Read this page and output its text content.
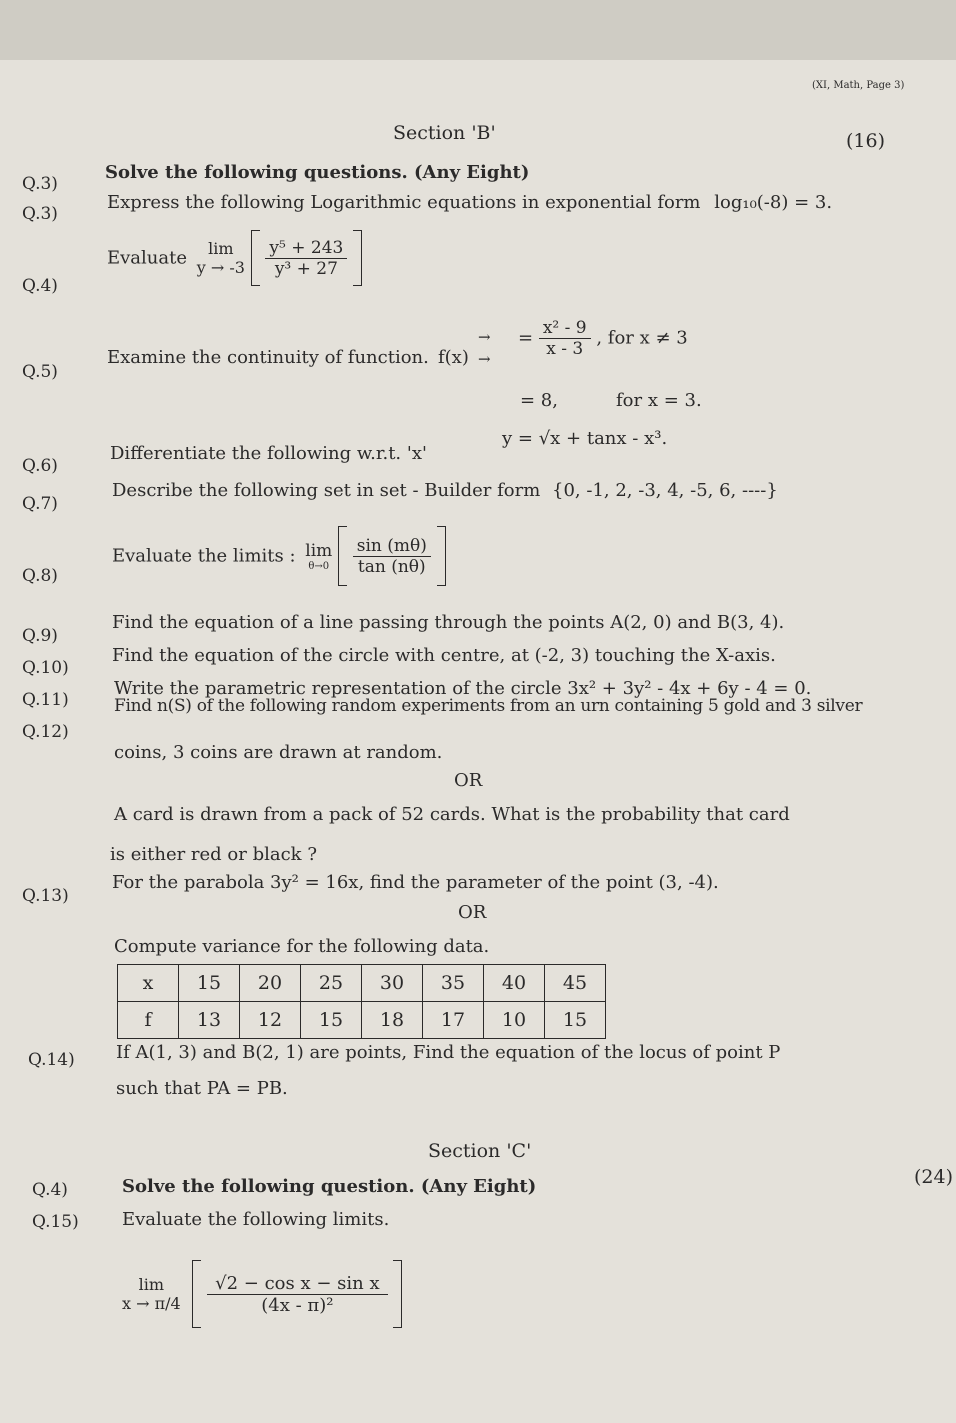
(XI, Math, Page 3)
Section 'B'	(16)
Q.3)
Solve the following questions. (Any Eight)
Q.3)
Express the following Logarithmic equations in exponential form log₁₀(-8) = 3.
Q.4)
Evaluate	lim
y → -3
$\frac{\text{y⁵ + 243}}{\text{y³ + 27}}$

Q.5)
Examine the continuity of function. f(x)
→
→
= $\frac{\text{x² - 9}}{x - 3}$ , for x ≠ 3
= 8,	for x = 3.
Q.6)
Differentiate the following w.r.t. 'x'
y = √x + tanx - x³.
Q.7)
Describe the following set in set - Builder form {0, -1, 2, -3, 4, -5, 6, ----}
Q.8)
Evaluate the limits : lim
θ→0
$\frac{\sin (m\theta)}{\tan (n\theta)}$

Q.9)
Find the equation of a line passing through the points A(2, 0) and B(3, 4).
Q.10)
Find the equation of the circle with centre, at (-2, 3) touching the X-axis.
Q.11)
Write the parametric representation of the circle 3x² + 3y² - 4x + 6y - 4 = 0.
Q.12)
Find n(S) of the following random experiments from an urn containing 5 gold and 3 silver
coins, 3 coins are drawn at random.
OR
A card is drawn from a pack of 52 cards. What is the probability that card
is either red or black ?
Q.13)
For the parabola 3y² = 16x, find the parameter of the point (3, -4).
OR
Compute variance for the following data.
x	15	20	25	30	35	40	45
f	13	12	15	18	17	10	15
Q.14) If A(1, 3) and B(2, 1) are points, Find the equation of the locus of point P
such that PA = PB.
Section 'C'
(24)
Q.4)	Solve the following question. (Any Eight)
Q.15) Evaluate the following limits.
lim
x → π/4
$\frac{\text{√2 − cos x − sin x}}{\text{(4x - π)²}}$
